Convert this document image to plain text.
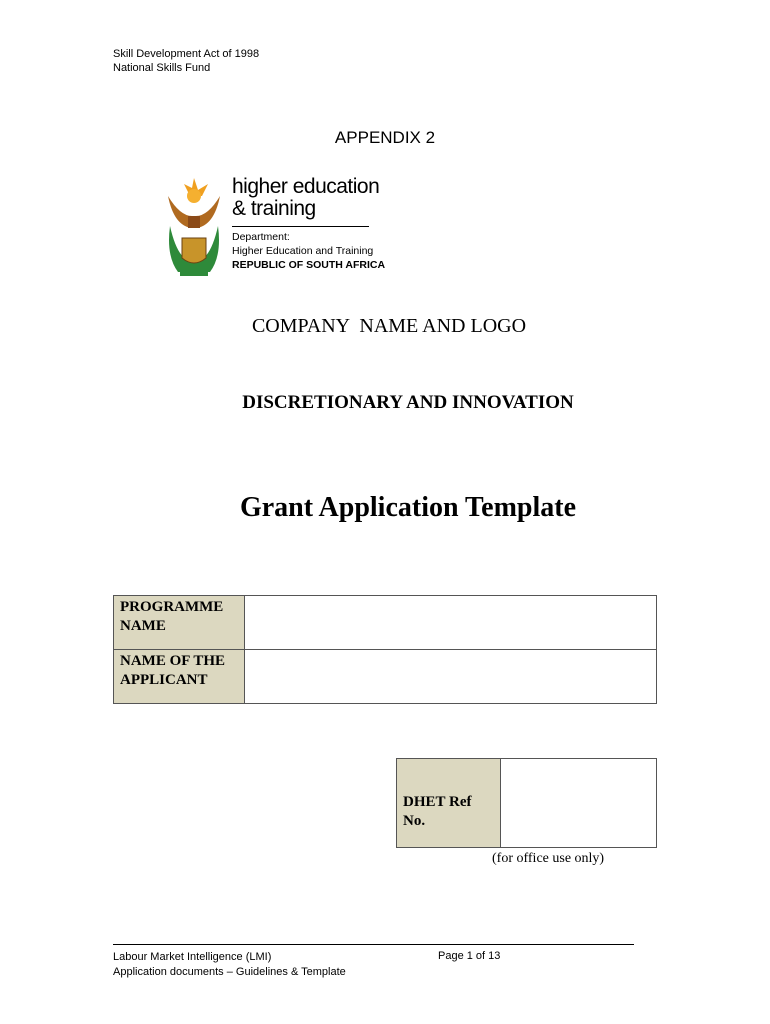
Skill Development Act of 1998
National Skills Fund
APPENDIX 2
higher education
& training
Department:
Higher Education and Training
REPUBLIC OF SOUTH AFRICA
COMPANY  NAME AND LOGO
DISCRETIONARY AND INNOVATION
Grant Application Template
PROGRAMME NAME	
NAME OF THE APPLICANT	
DHET Ref No.	
(for office use only)
Labour Market Intelligence (LMI)
Application documents – Guidelines & Template
Page 1 of 13
